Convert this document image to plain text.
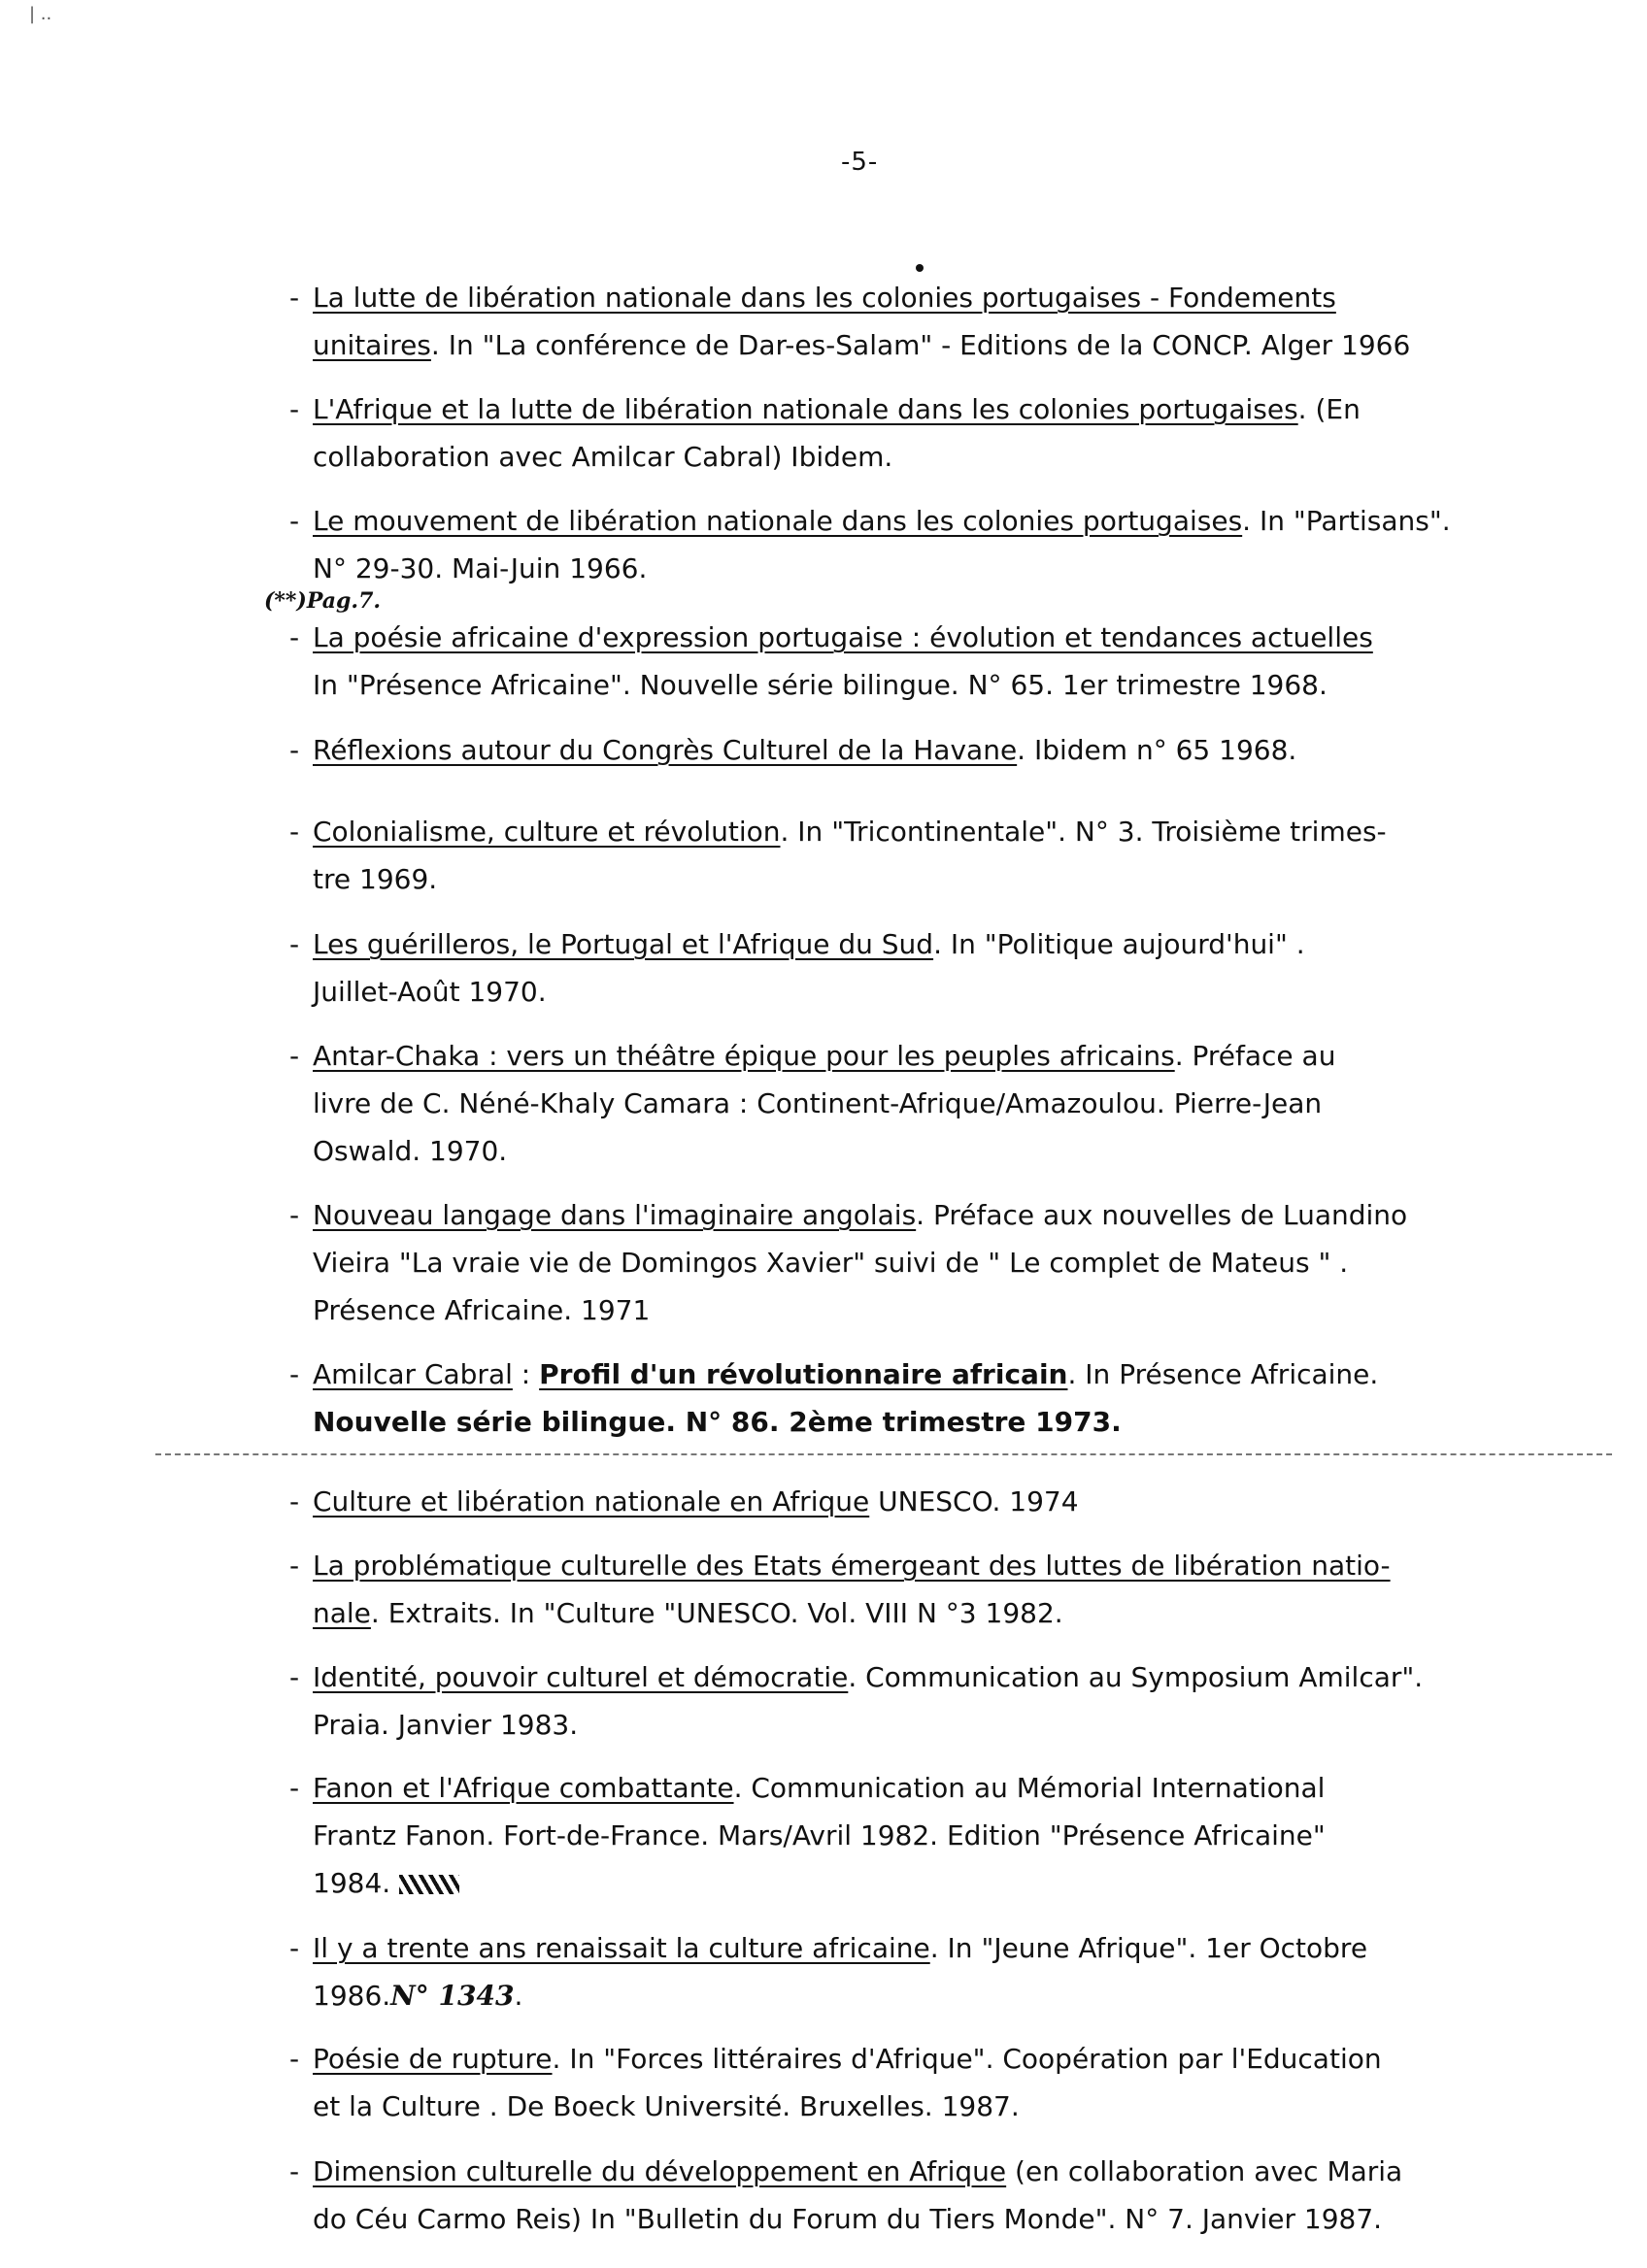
| ..
-5-
(**)Pag.7.
- La lutte de libération nationale dans les colonies portugaises - Fondements
unitaires. In "La conférence de Dar-es-Salam" - Editions de la CONCP. Alger 1966
- L'Afrique et la lutte de libération nationale dans les colonies portugaises. (En
collaboration avec Amilcar Cabral) Ibidem.
- Le mouvement de libération nationale dans les colonies portugaises. In "Partisans".
N° 29-30. Mai-Juin 1966.
- La poésie africaine d'expression portugaise : évolution et tendances actuelles
In "Présence Africaine". Nouvelle série bilingue. N° 65. 1er trimestre 1968.
- Réflexions autour du Congrès Culturel de la Havane. Ibidem n° 65 1968.
- Colonialisme, culture et révolution. In "Tricontinentale". N° 3. Troisième trimes-
tre 1969.
- Les guérilleros, le Portugal et l'Afrique du Sud. In "Politique aujourd'hui" .
Juillet-Août 1970.
- Antar-Chaka : vers un théâtre épique pour les peuples africains. Préface au
livre de C. Néné-Khaly Camara : Continent-Afrique/Amazoulou. Pierre-Jean
Oswald. 1970.
- Nouveau langage dans l'imaginaire angolais. Préface aux nouvelles de Luandino
Vieira "La vraie vie de Domingos Xavier" suivi de " Le complet de Mateus " .
Présence Africaine. 1971
- Amilcar Cabral : Profil d'un révolutionnaire africain. In Présence Africaine.
Nouvelle série bilingue. N° 86. 2ème trimestre 1973.
- Culture et libération nationale en Afrique UNESCO. 1974
- La problématique culturelle des Etats émergeant des luttes de libération natio-
nale. Extraits. In "Culture "UNESCO. Vol. VIII N °3 1982.
- Identité, pouvoir culturel et démocratie. Communication au Symposium Amilcar".
Praia. Janvier 1983.
- Fanon et l'Afrique combattante. Communication au Mémorial International
Frantz Fanon. Fort-de-France. Mars/Avril 1982. Edition "Présence Africaine"
1984.
- Il y a trente ans renaissait la culture africaine. In "Jeune Afrique". 1er Octobre
1986.N° 1343.
- Poésie de rupture. In "Forces littéraires d'Afrique". Coopération par l'Education
et la Culture . De Boeck Université. Bruxelles. 1987.
- Dimension culturelle du développement en Afrique (en collaboration avec Maria
do Céu Carmo Reis) In "Bulletin du Forum du Tiers Monde". N° 7. Janvier 1987.
